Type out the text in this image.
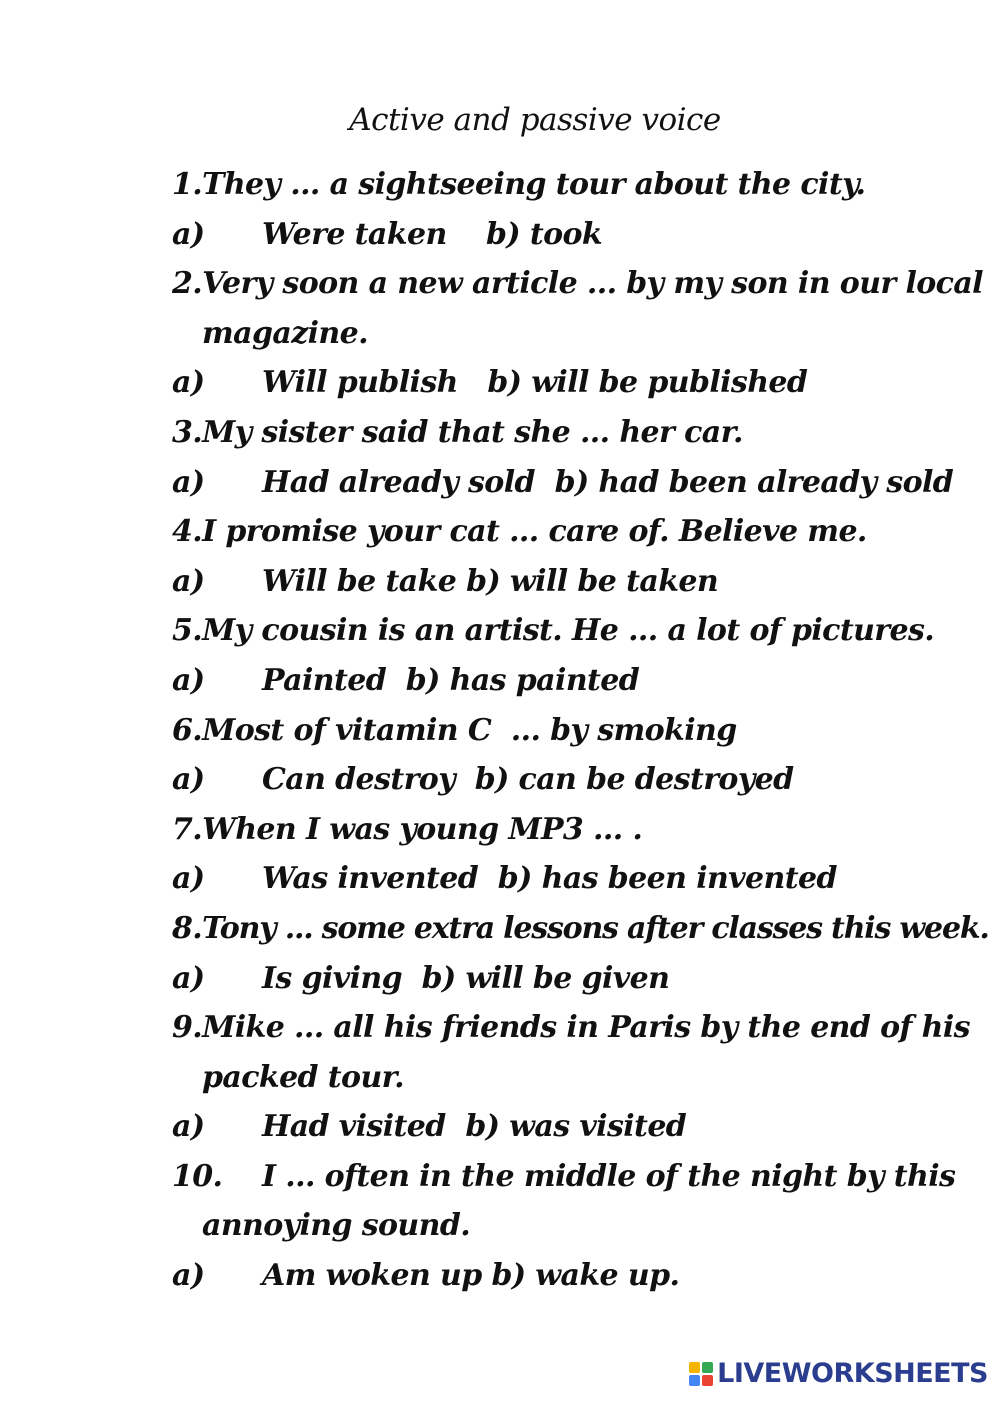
Active and passive voice
1.They ... a sightseeing tour about the city.
a) Were taken    b) took
2.Very soon a new article ... by my son in our local
magazine.
a) Will publish   b) will be published
3.My sister said that she ... her car.
a) Had already sold  b) had been already sold
4.I promise your cat ... care of. Believe me.
a) Will be take b) will be taken
5.My cousin is an artist. He ... a lot of pictures.
a) Painted  b) has painted
6.Most of vitamin C  ... by smoking
a) Can destroy  b) can be destroyed
7.When I was young MP3 ... .
a) Was invented  b) has been invented
8.Tony ... some extra lessons after classes this week.
a) Is giving  b) will be given
9.Mike ... all his friends in Paris by the end of his
packed tour.
a) Had visited  b) was visited
10. I ... often in the middle of the night by this
annoying sound.
a) Am woken up b) wake up.
LIVEWORKSHEETS
